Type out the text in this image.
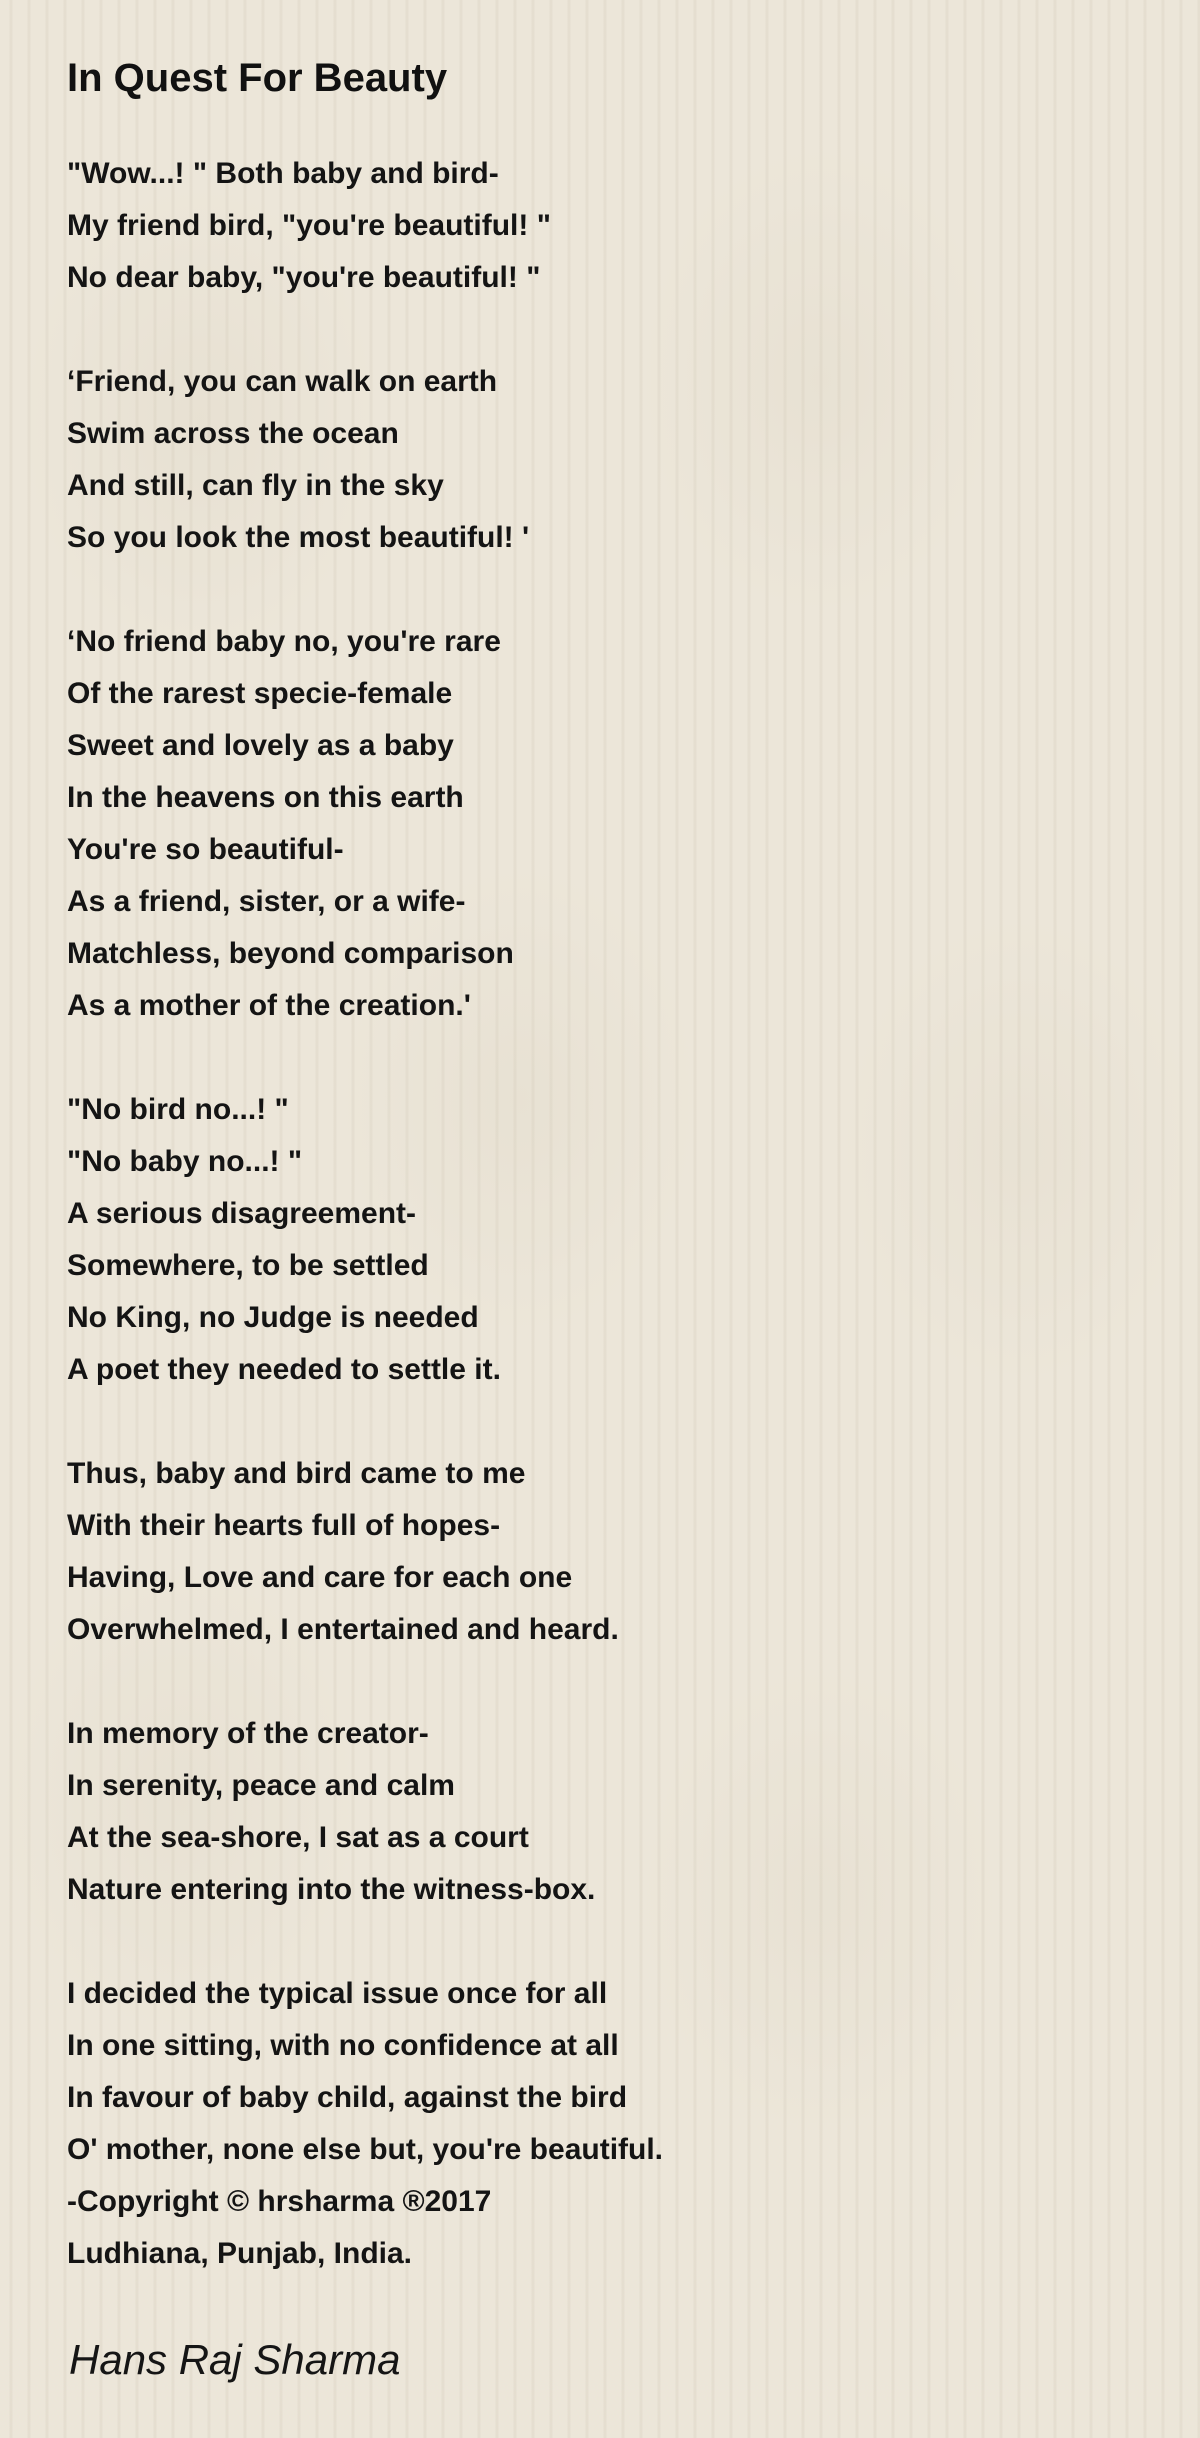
In Quest For Beauty
"Wow...! " Both baby and bird-
My friend bird, "you're beautiful! "
No dear baby, "you're beautiful! "
‘Friend, you can walk on earth
Swim across the ocean
And still, can fly in the sky
So you look the most beautiful! '
‘No friend baby no, you're rare
Of the rarest specie-female
Sweet and lovely as a baby
In the heavens on this earth
You're so beautiful-
As a friend, sister, or a wife-
Matchless, beyond comparison
As a mother of the creation.'
"No bird no...! "
"No baby no...! "
A serious disagreement-
Somewhere, to be settled
No King, no Judge is needed
A poet they needed to settle it.
Thus, baby and bird came to me
With their hearts full of hopes-
Having, Love and care for each one
Overwhelmed, I entertained and heard.
In memory of the creator-
In serenity, peace and calm
At the sea-shore, I sat as a court
Nature entering into the witness-box.
I decided the typical issue once for all
In one sitting, with no confidence at all
In favour of baby child, against the bird
O' mother, none else but, you're beautiful.
-Copyright © hrsharma ®2017
Ludhiana, Punjab, India.
Hans Raj Sharma
